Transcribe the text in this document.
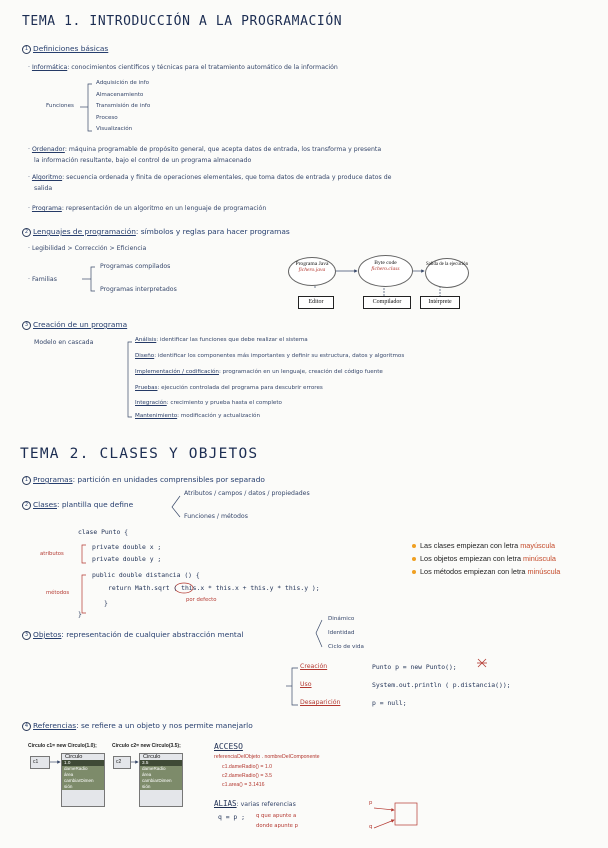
TEMA 1. INTRODUCCIÓN A LA PROGRAMACIÓN
1 Definiciones básicas
· Informática: conocimientos científicos y técnicas para el tratamiento automático de la información
Funciones
Adquisición de info
Almacenamiento
Transmisión de info
Proceso
Visualización
· Ordenador: máquina programable de propósito general, que acepta datos de entrada, los transforma y presenta
la información resultante, bajo el control de un programa almacenado
· Algoritmo: secuencia ordenada y finita de operaciones elementales, que toma datos de entrada y produce datos de
salida
· Programa: representación de un algoritmo en un lenguaje de programación
2 Lenguajes de programación: símbolos y reglas para hacer programas
· Legibilidad > Corrección > Eficiencia
· Familias
Programas compilados
Programas interpretados
Programa Java
fichero.java
Byte code
fichero.class
Salida de la ejecución
Editor	Compilador	Intérprete
3 Creación de un programa
Modelo en cascada	Análisis: identificar las funciones que debe realizar el sistema
Diseño: identificar los componentes más importantes y definir su estructura, datos y algoritmos
Implementación / codificación: programación en un lenguaje, creación del código fuente
Pruebas: ejecución controlada del programa para descubrir errores
Integración: crecimiento y prueba hasta el completo
Mantenimiento: modificación y actualización
TEMA 2. CLASES Y OBJETOS
1 Programas: partición en unidades comprensibles por separado
2 Clases: plantilla que define
Atributos / campos / datos / propiedades
Funciones / métodos
clase Punto {
private double x ;
private double y ;
public double distancia () {
return Math.sqrt ( this.x * this.x + this.y * this.y );
}
}
atributos
métodos
por defecto
Las clases empiezan con letra mayúscula
Los objetos empiezan con letra minúscula
Los métodos empiezan con letra minúscula
3 Objetos: representación de cualquier abstracción mental
Dinámico
Identidad
Ciclo de vida
Creación
Uso
Desaparición
Punto p = new Punto();
System.out.println ( p.distancia());
p = null;
4 Referencias: se refiere a un objeto y nos permite manejarlo
Circulo c1= new Circulo(1.0);	Circulo c2= new Circulo(3.5);
c1	c2
Circulo
1.0
dameRadio
área
cambiarDimen
sión
Circulo
3.5
dameRadio
área
cambiarDimen
sión
ACCESO
referenciaDelObjeto . nombreDelComponente
c1.dameRadio() = 1.0
c2.dameRadio() = 3.5
c1.area() = 3.1416
ALIAS: varias referencias
q = p ; q que apunte a
donde apunte p
p
q
